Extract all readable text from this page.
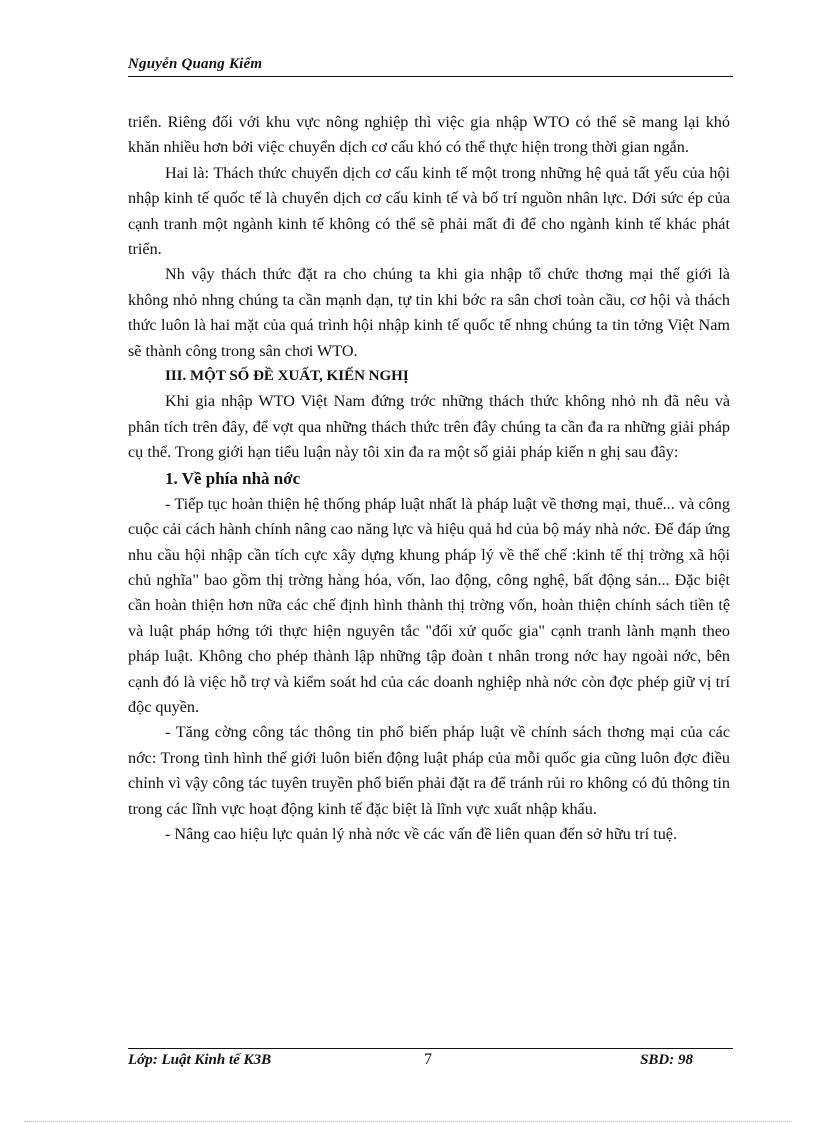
Nguyễn Quang Kiếm

triển. Riêng đối với khu vực nông nghiệp thì việc gia nhập WTO có thể sẽ mang lại khó khăn nhiều hơn bởi việc chuyển dịch cơ cấu khó có thể thực hiện trong thời gian ngắn.

Hai là: Thách thức chuyển dịch cơ cấu kinh tế một trong những hệ quả tất yếu của hội nhập kinh tế quốc tế là chuyển dịch cơ cấu kinh tế và bố trí nguồn nhân lực. Dới sức ép của cạnh tranh một ngành kinh tế không có thể sẽ phải mất đi để cho ngành kinh tế khác phát triển.

Nh vậy thách thức đặt ra cho chúng ta khi gia nhập tổ chức thơng mại thế giới là không nhỏ nhng chúng ta cần mạnh dạn, tự tin khi bớc ra sân chơi toàn cầu, cơ hội và thách thức luôn là hai mặt của quá trình hội nhập kinh tế quốc tế nhng chúng ta tin tởng Việt Nam sẽ thành công trong sân chơi WTO.

III. MỘT SỐ ĐỀ XUẤT, KIẾN NGHỊ

Khi gia nhập WTO Việt Nam đứng trớc những thách thức không nhỏ nh đã nêu và phân tích trên đây, để vợt qua những thách thức trên đây chúng ta cần đa ra những giải pháp cụ thể. Trong giới hạn tiểu luận này tôi xin đa ra một số giải pháp kiến n ghị sau đây:

1. Về phía nhà nớc

- Tiếp tục hoàn thiện hệ thống pháp luật nhất là pháp luật về thơng mại, thuế... và công cuộc cải cách hành chính nâng cao năng lực và hiệu quả hd của bộ máy nhà nớc. Để đáp ứng nhu cầu hội nhập cần tích cực xây dựng khung pháp lý về thể chế :kinh tế thị trờng xã hội chủ nghĩa" bao gồm thị trờng hàng hóa, vốn, lao động, công nghệ, bất động sản... Đặc biệt cần hoàn thiện hơn nữa các chế định hình thành thị trờng vốn, hoàn thiện chính sách tiền tệ và luật pháp hớng tới thực hiện nguyên tắc "đối xử quốc gia" cạnh tranh lành mạnh theo pháp luật. Không cho phép thành lập những tập đoàn t nhân trong nớc hay ngoài nớc, bên cạnh đó là việc hỗ trợ và kiểm soát hd của các doanh nghiệp nhà nớc còn đợc phép giữ vị trí độc quyền.

- Tăng cờng công tác thông tin phổ biến pháp luật về chính sách thơng mại của các nớc: Trong tình hình thế giới luôn biến động luật pháp của mỗi quốc gia cũng luôn đợc điều chỉnh vì vậy công tác tuyên truyền phổ biến phải đặt ra để tránh rủi ro không có đủ thông tin trong các lĩnh vực hoạt động kinh tế đặc biệt là lĩnh vực xuất nhập khẩu.

- Nâng cao hiệu lực quản lý nhà nớc về các vấn đề liên quan đến sở hữu trí tuệ.

Lớp: Luật Kinh tế K3B	7	SBD: 98
